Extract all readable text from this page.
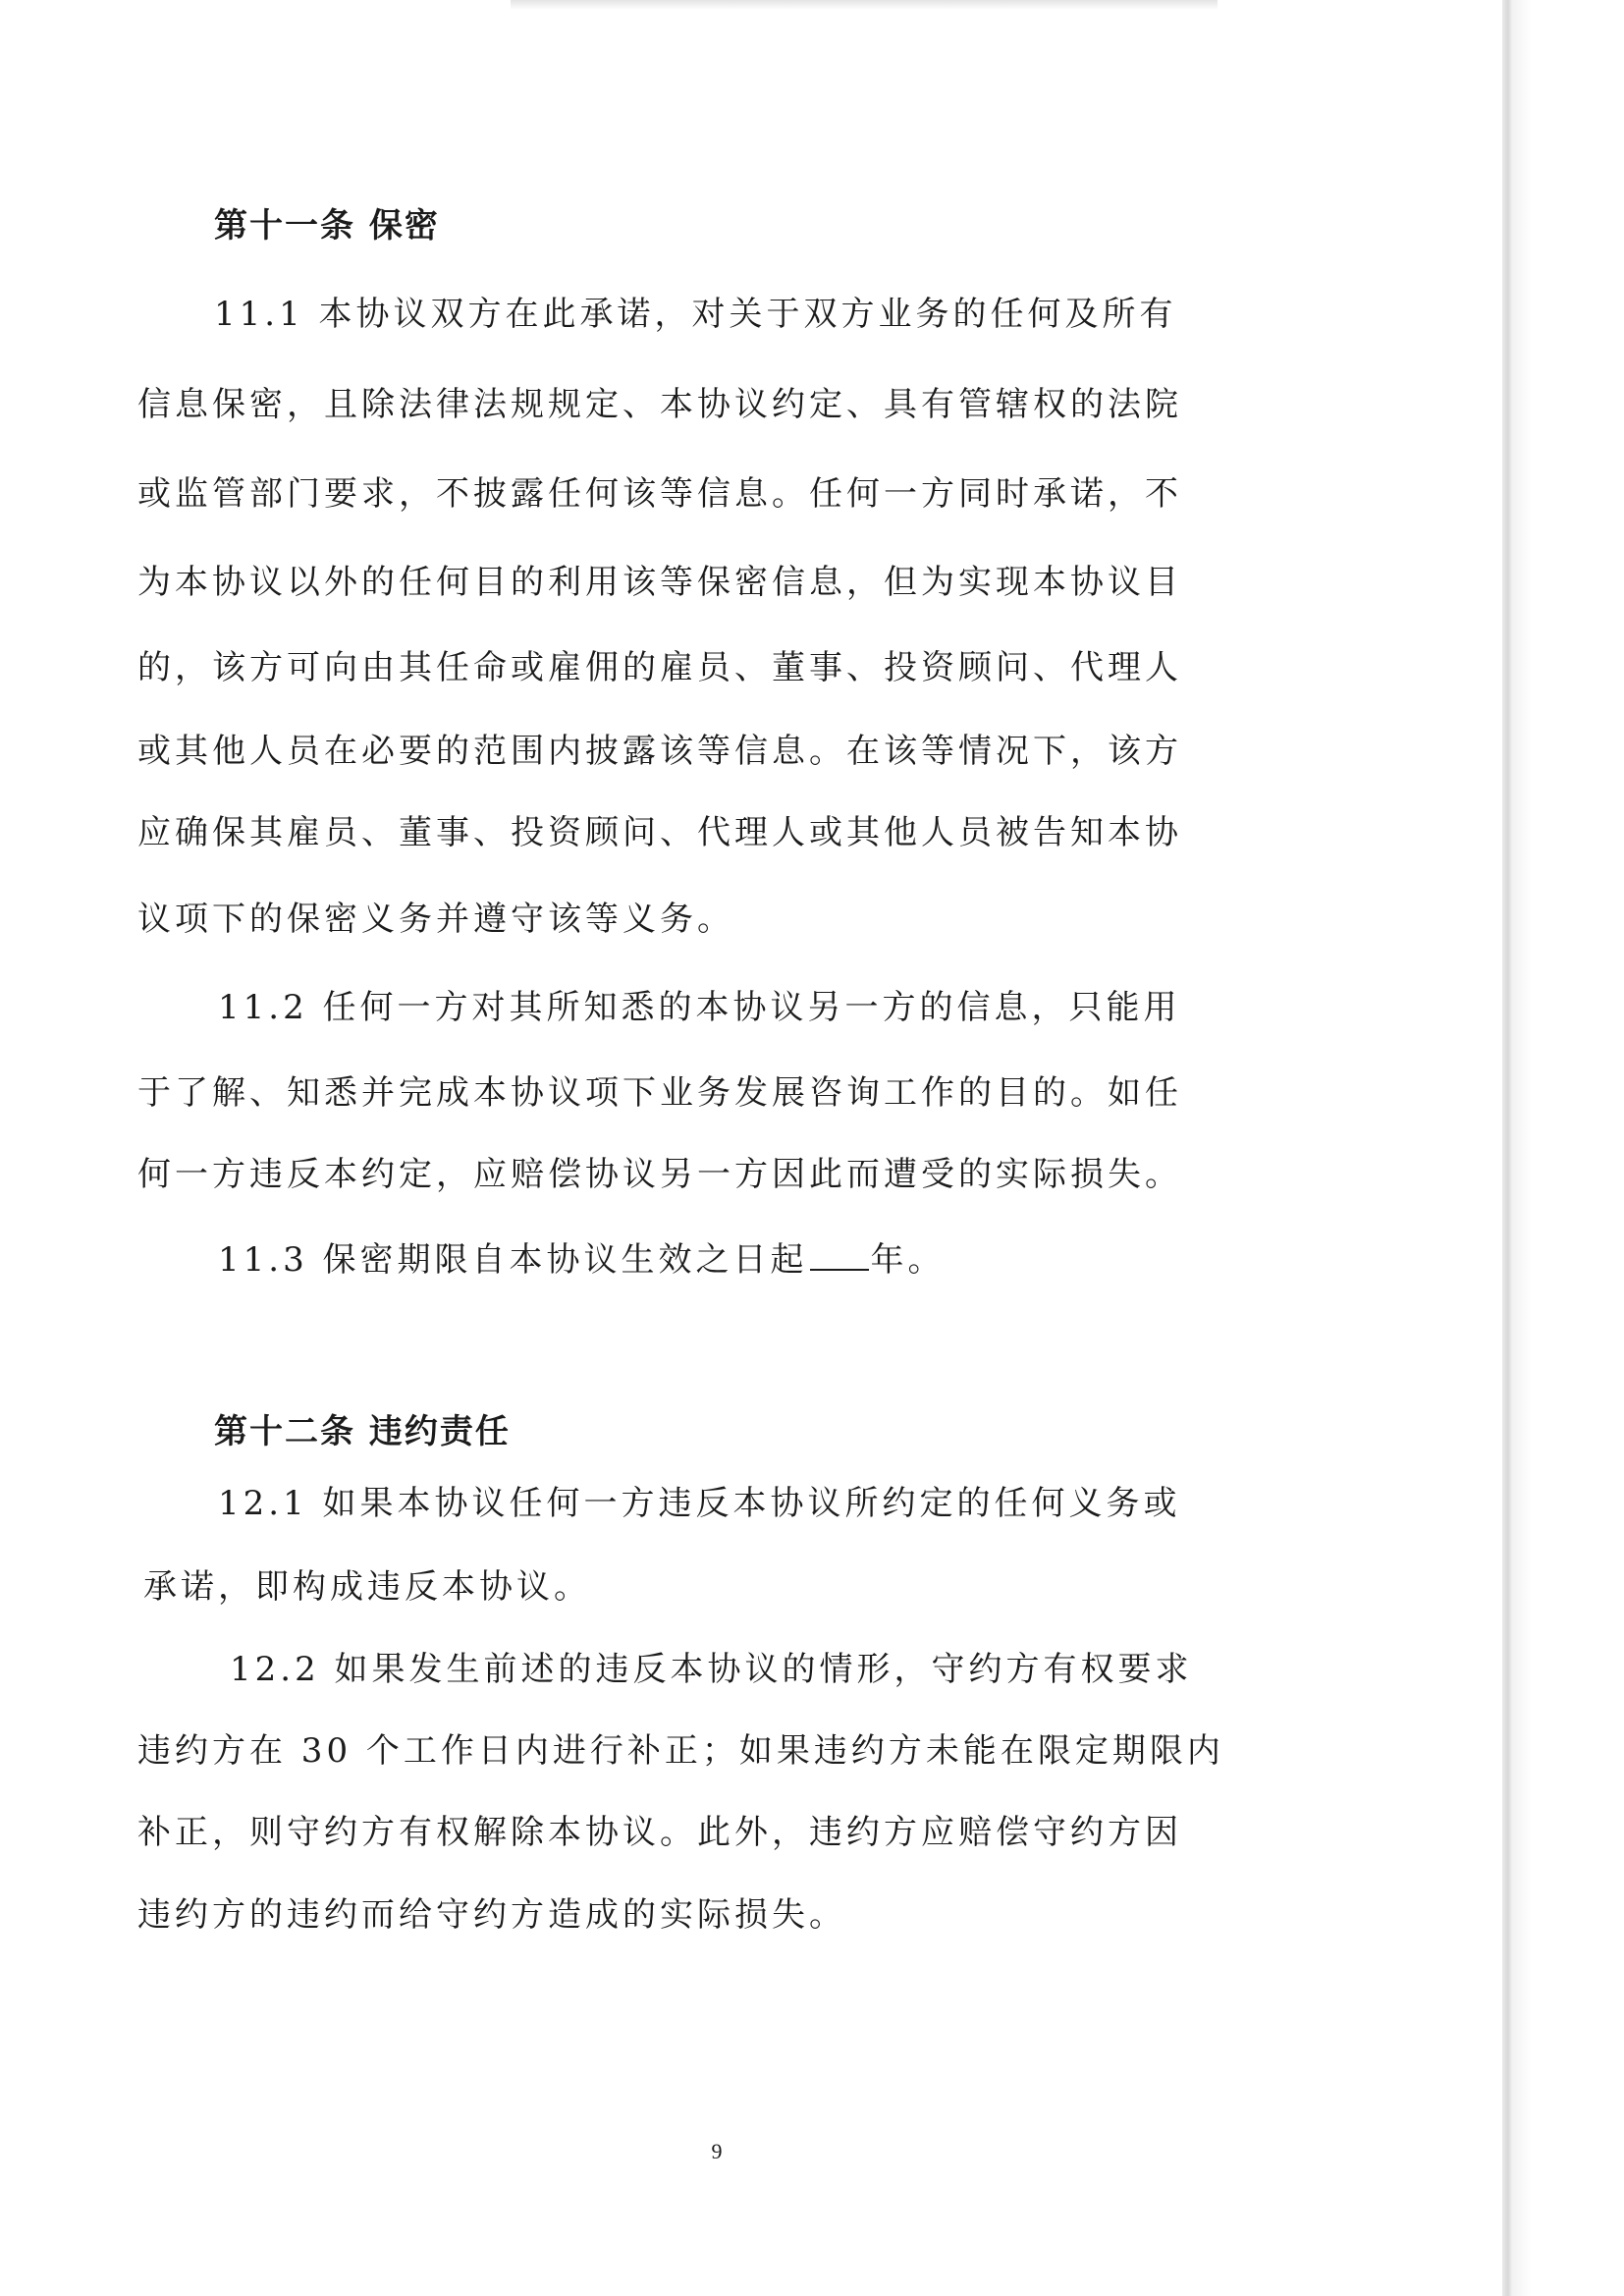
第十一条 保密
11.1 本协议双方在此承诺，对关于双方业务的任何及所有
信息保密，且除法律法规规定、本协议约定、具有管辖权的法院
或监管部门要求，不披露任何该等信息。任何一方同时承诺，不
为本协议以外的任何目的利用该等保密信息，但为实现本协议目
的，该方可向由其任命或雇佣的雇员、董事、投资顾问、代理人
或其他人员在必要的范围内披露该等信息。在该等情况下，该方
应确保其雇员、董事、投资顾问、代理人或其他人员被告知本协
议项下的保密义务并遵守该等义务。
11.2 任何一方对其所知悉的本协议另一方的信息，只能用
于了解、知悉并完成本协议项下业务发展咨询工作的目的。如任
何一方违反本约定，应赔偿协议另一方因此而遭受的实际损失。
11.3 保密期限自本协议生效之日起 年。
第十二条 违约责任
12.1 如果本协议任何一方违反本协议所约定的任何义务或
承诺，即构成违反本协议。
12.2 如果发生前述的违反本协议的情形，守约方有权要求
违约方在 30 个工作日内进行补正；如果违约方未能在限定期限内
补正，则守约方有权解除本协议。此外，违约方应赔偿守约方因
违约方的违约而给守约方造成的实际损失。
9
